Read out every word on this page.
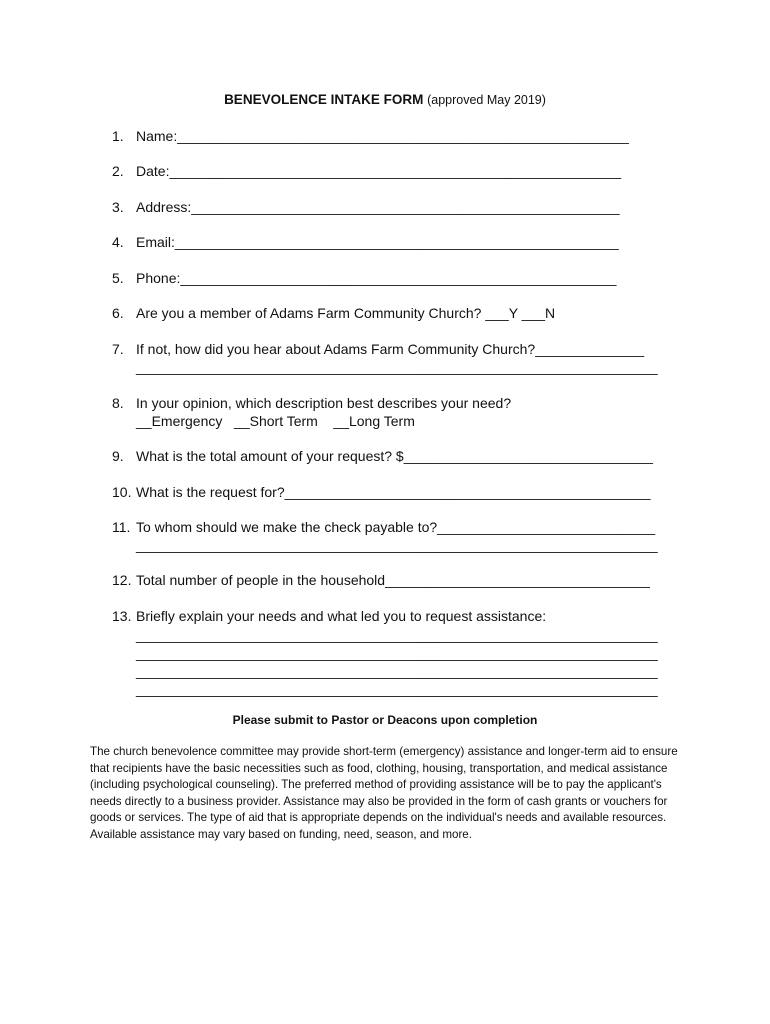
BENEVOLENCE INTAKE FORM (approved May 2019)
1. Name:__________________________________________________________
2. Date:__________________________________________________________
3. Address:_______________________________________________________
4. Email:_________________________________________________________
5. Phone:________________________________________________________
6. Are you a member of Adams Farm Community Church? ___Y ___N
7. If not, how did you hear about Adams Farm Community Church?______________
___________________________________________________________________
8. In your opinion, which description best describes your need?
__Emergency   __Short Term    __Long Term
9. What is the total amount of your request? $________________________________
10. What is the request for?_______________________________________________
11. To whom should we make the check payable to?____________________________
___________________________________________________________________
12. Total number of people in the household__________________________________
13. Briefly explain your needs and what led you to request assistance:
___________________________________________________________________
___________________________________________________________________
___________________________________________________________________
___________________________________________________________________
Please submit to Pastor or Deacons upon completion
The church benevolence committee may provide short-term (emergency) assistance and longer-term aid to ensure that recipients have the basic necessities such as food, clothing, housing, transportation, and medical assistance (including psychological counseling). The preferred method of providing assistance will be to pay the applicant's needs directly to a business provider. Assistance may also be provided in the form of cash grants or vouchers for goods or services. The type of aid that is appropriate depends on the individual's needs and available resources. Available assistance may vary based on funding, need, season, and more.
